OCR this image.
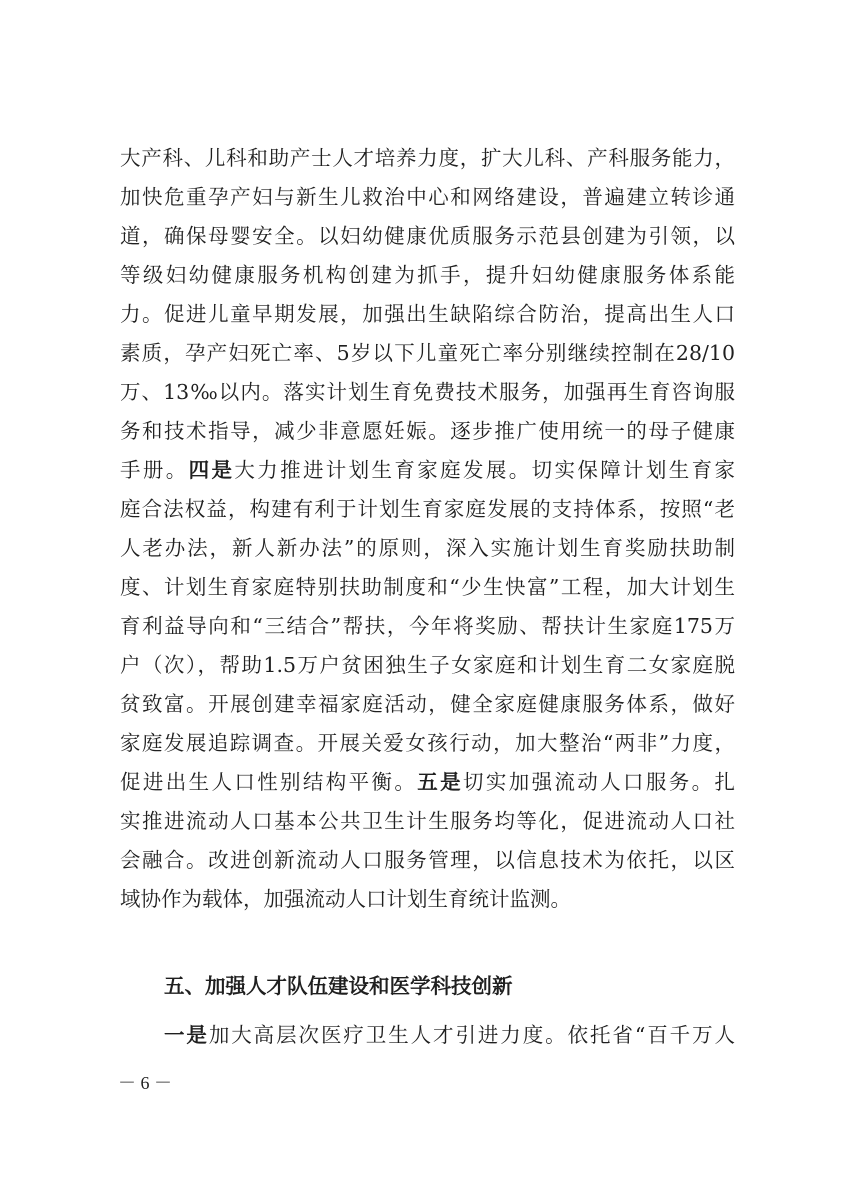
大产科、儿科和助产士人才培养力度，扩大儿科、产科服务能力，
加快危重孕产妇与新生儿救治中心和网络建设，普遍建立转诊通
道，确保母婴安全。以妇幼健康优质服务示范县创建为引领，以
等级妇幼健康服务机构创建为抓手，提升妇幼健康服务体系能
力。促进儿童早期发展，加强出生缺陷综合防治，提高出生人口
素质，孕产妇死亡率、5岁以下儿童死亡率分别继续控制在28/10
万、13‰以内。落实计划生育免费技术服务，加强再生育咨询服
务和技术指导，减少非意愿妊娠。逐步推广使用统一的母子健康
手册。四是大力推进计划生育家庭发展。切实保障计划生育家
庭合法权益，构建有利于计划生育家庭发展的支持体系，按照“老
人老办法，新人新办法”的原则，深入实施计划生育奖励扶助制
度、计划生育家庭特别扶助制度和“少生快富”工程，加大计划生
育利益导向和“三结合”帮扶，今年将奖励、帮扶计生家庭175万
户（次），帮助1.5万户贫困独生子女家庭和计划生育二女家庭脱
贫致富。开展创建幸福家庭活动，健全家庭健康服务体系，做好
家庭发展追踪调查。开展关爱女孩行动，加大整治“两非”力度，
促进出生人口性别结构平衡。五是切实加强流动人口服务。扎
实推进流动人口基本公共卫生计生服务均等化，促进流动人口社
会融合。改进创新流动人口服务管理，以信息技术为依托，以区
域协作为载体，加强流动人口计划生育统计监测。
五、加强人才队伍建设和医学科技创新
一是加大高层次医疗卫生人才引进力度。依托省“百千万人
－ 6 －
